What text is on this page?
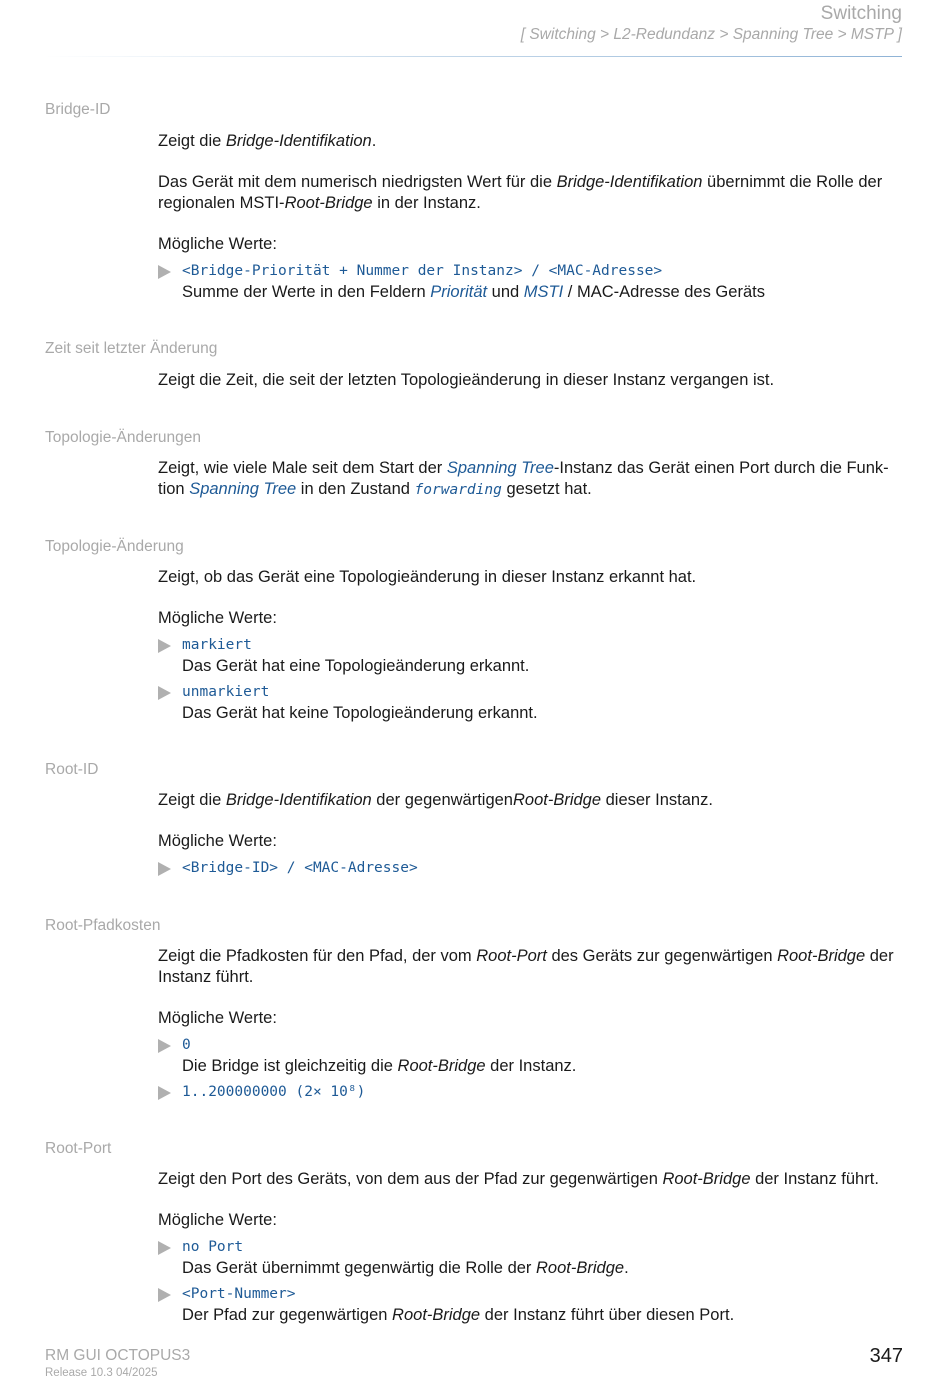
Switching
[ Switching > L2-Redundanz > Spanning Tree > MSTP ]
Bridge-ID

Zeigt die Bridge-Identifikation.

Das Gerät mit dem numerisch niedrigsten Wert für die Bridge-Identifikation übernimmt die Rolle der regionalen MSTI-Root-Bridge in der Instanz.

Mögliche Werte:

<Bridge-Priorität + Nummer der Instanz> / <MAC-Adresse>
Summe der Werte in den Feldern Priorität und MSTI / MAC-Adresse des Geräts
Zeit seit letzter Änderung

Zeigt die Zeit, die seit der letzten Topologieänderung in dieser Instanz vergangen ist.

Topologie-Änderungen

Zeigt, wie viele Male seit dem Start der Spanning Tree-Instanz das Gerät einen Port durch die Funk- tion Spanning Tree in den Zustand forwarding gesetzt hat.

Topologie-Änderung

Zeigt, ob das Gerät eine Topologieänderung in dieser Instanz erkannt hat.

Mögliche Werte:

markiert
Das Gerät hat eine Topologieänderung erkannt.
unmarkiert
Das Gerät hat keine Topologieänderung erkannt.
Root-ID

Zeigt die Bridge-Identifikation der gegenwärtigenRoot-Bridge dieser Instanz.

Mögliche Werte:

<Bridge-ID> / <MAC-Adresse>
Root-Pfadkosten

Zeigt die Pfadkosten für den Pfad, der vom Root-Port des Geräts zur gegenwärtigen Root-Bridge der Instanz führt.

Mögliche Werte:

0
Die Bridge ist gleichzeitig die Root-Bridge der Instanz.
1..200000000 (2× 10⁸)
Root-Port

Zeigt den Port des Geräts, von dem aus der Pfad zur gegenwärtigen Root-Bridge der Instanz führt.

Mögliche Werte:

no Port
Das Gerät übernimmt gegenwärtig die Rolle der Root-Bridge.
<Port-Nummer>
Der Pfad zur gegenwärtigen Root-Bridge der Instanz führt über diesen Port.
RM GUI OCTOPUS3
Release 10.3 04/2025
347
